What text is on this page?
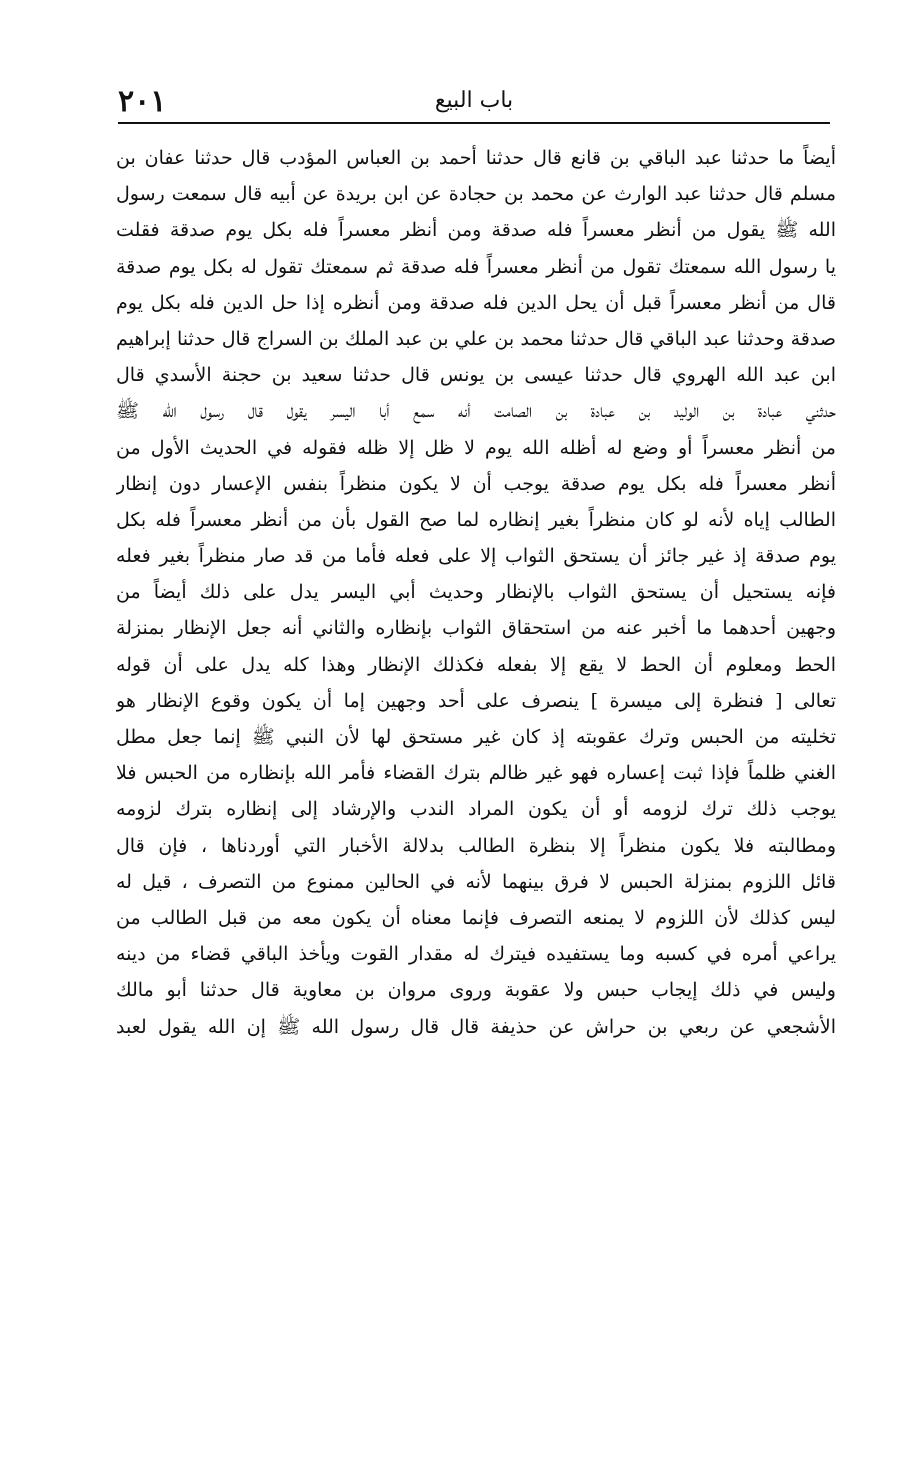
٢٠١	باب البيع
أيضاً ما حدثنا عبد الباقي بن قانع قال حدثنا أحمد بن العباس المؤدب قال حدثنا عفان بن
مسلم قال حدثنا عبد الوارث عن محمد بن حجادة عن ابن بريدة عن أبيه قال سمعت رسول
الله ﷺ يقول من أنظر معسراً فله صدقة ومن أنظر معسراً فله بكل يوم صدقة فقلت
يا رسول الله سمعتك تقول من أنظر معسراً فله صدقة ثم سمعتك تقول له بكل يوم صدقة
قال من أنظر معسراً قبل أن يحل الدين فله صدقة ومن أنظره إذا حل الدين فله بكل يوم
صدقة وحدثنا عبد الباقي قال حدثنا محمد بن علي بن عبد الملك بن السراج قال حدثنا إبراهيم
ابن عبد الله الهروي قال حدثنا عيسى بن يونس قال حدثنا سعيد بن حجنة الأسدي قال
حدثني عبادة بن الوليد بن عبادة بن الصامت أنه سمع أبا اليسر يقول قال رسول الله ﷺ
من أنظر معسراً أو وضع له أظله الله يوم لا ظل إلا ظله فقوله في الحديث الأول من
أنظر معسراً فله بكل يوم صدقة يوجب أن لا يكون منظراً بنفس الإعسار دون إنظار
الطالب إياه لأنه لو كان منظراً بغير إنظاره لما صح القول بأن من أنظر معسراً فله بكل
يوم صدقة إذ غير جائز أن يستحق الثواب إلا على فعله فأما من قد صار منظراً بغير فعله
فإنه يستحيل أن يستحق الثواب بالإنظار وحديث أبي اليسر يدل على ذلك أيضاً من
وجهين أحدهما ما أخبر عنه من استحقاق الثواب بإنظاره والثاني أنه جعل الإنظار بمنزلة
الحط ومعلوم أن الحط لا يقع إلا بفعله فكذلك الإنظار وهذا كله يدل على أن قوله
تعالى [ فنظرة إلى ميسرة ] ينصرف على أحد وجهين إما أن يكون وقوع الإنظار هو
تخليته من الحبس وترك عقوبته إذ كان غير مستحق لها لأن النبي ﷺ إنما جعل مطل
الغني ظلماً فإذا ثبت إعساره فهو غير ظالم بترك القضاء فأمر الله بإنظاره من الحبس فلا
يوجب ذلك ترك لزومه أو أن يكون المراد الندب والإرشاد إلى إنظاره بترك لزومه
ومطالبته فلا يكون منظراً إلا بنظرة الطالب بدلالة الأخبار التي أوردناها ، فإن قال
قائل اللزوم بمنزلة الحبس لا فرق بينهما لأنه في الحالين ممنوع من التصرف ، قيل له
ليس كذلك لأن اللزوم لا يمنعه التصرف فإنما معناه أن يكون معه من قبل الطالب من
يراعي أمره في كسبه وما يستفيده فيترك له مقدار القوت ويأخذ الباقي قضاء من دينه
وليس في ذلك إيجاب حبس ولا عقوبة وروى مروان بن معاوية قال حدثنا أبو مالك
الأشجعي عن ربعي بن حراش عن حذيفة قال قال رسول الله ﷺ إن الله يقول لعبد
